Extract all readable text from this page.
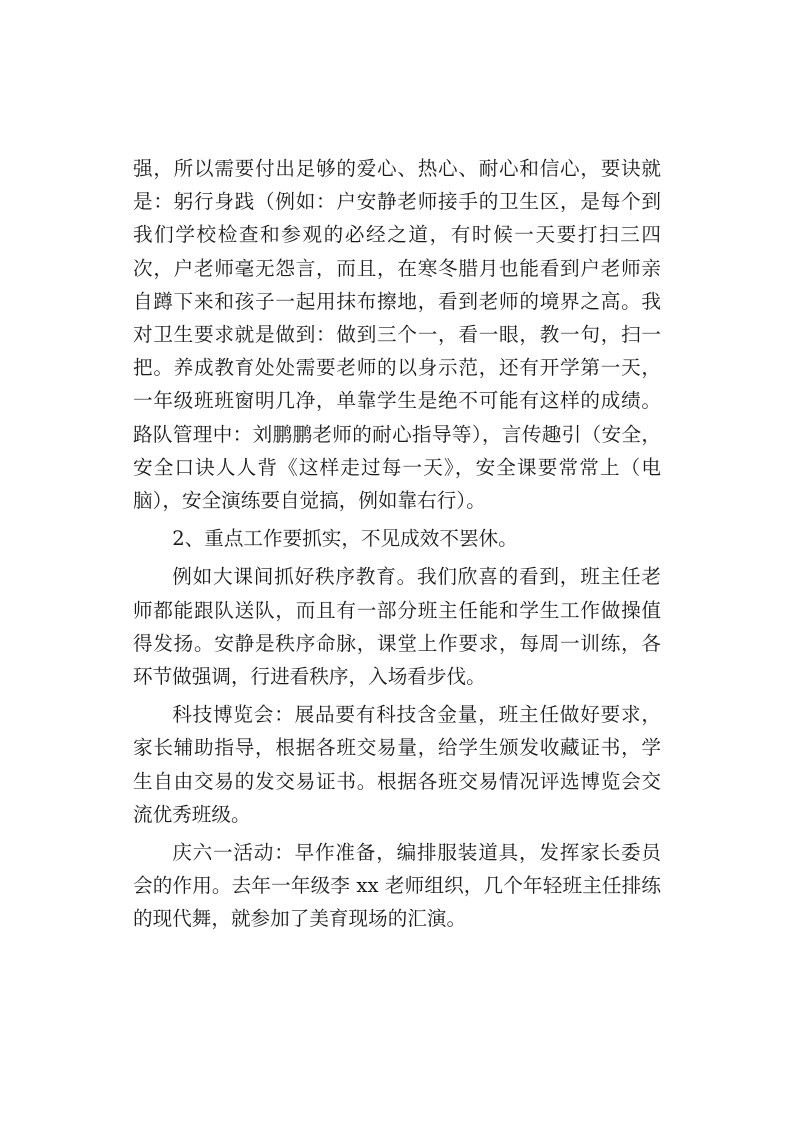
强，所以需要付出足够的爱心、热心、耐心和信心，要诀就是：躬行身践（例如：户安静老师接手的卫生区，是每个到我们学校检查和参观的必经之道，有时候一天要打扫三四次，户老师毫无怨言，而且，在寒冬腊月也能看到户老师亲自蹲下来和孩子一起用抹布擦地，看到老师的境界之高。我对卫生要求就是做到：做到三个一，看一眼，教一句，扫一把。养成教育处处需要老师的以身示范，还有开学第一天，一年级班班窗明几净，单靠学生是绝不可能有这样的成绩。路队管理中：刘鹏鹏老师的耐心指导等），言传趣引（安全，安全口诀人人背《这样走过每一天》，安全课要常常上（电脑），安全演练要自觉搞，例如靠右行）。

2、重点工作要抓实，不见成效不罢休。

例如大课间抓好秩序教育。我们欣喜的看到，班主任老师都能跟队送队，而且有一部分班主任能和学生工作做操值得发扬。安静是秩序命脉，课堂上作要求，每周一训练，各环节做强调，行进看秩序，入场看步伐。

科技博览会：展品要有科技含金量，班主任做好要求，家长辅助指导，根据各班交易量，给学生颁发收藏证书，学生自由交易的发交易证书。根据各班交易情况评选博览会交流优秀班级。

庆六一活动：早作准备，编排服装道具，发挥家长委员会的作用。去年一年级李 xx 老师组织，几个年轻班主任排练的现代舞，就参加了美育现场的汇演。
